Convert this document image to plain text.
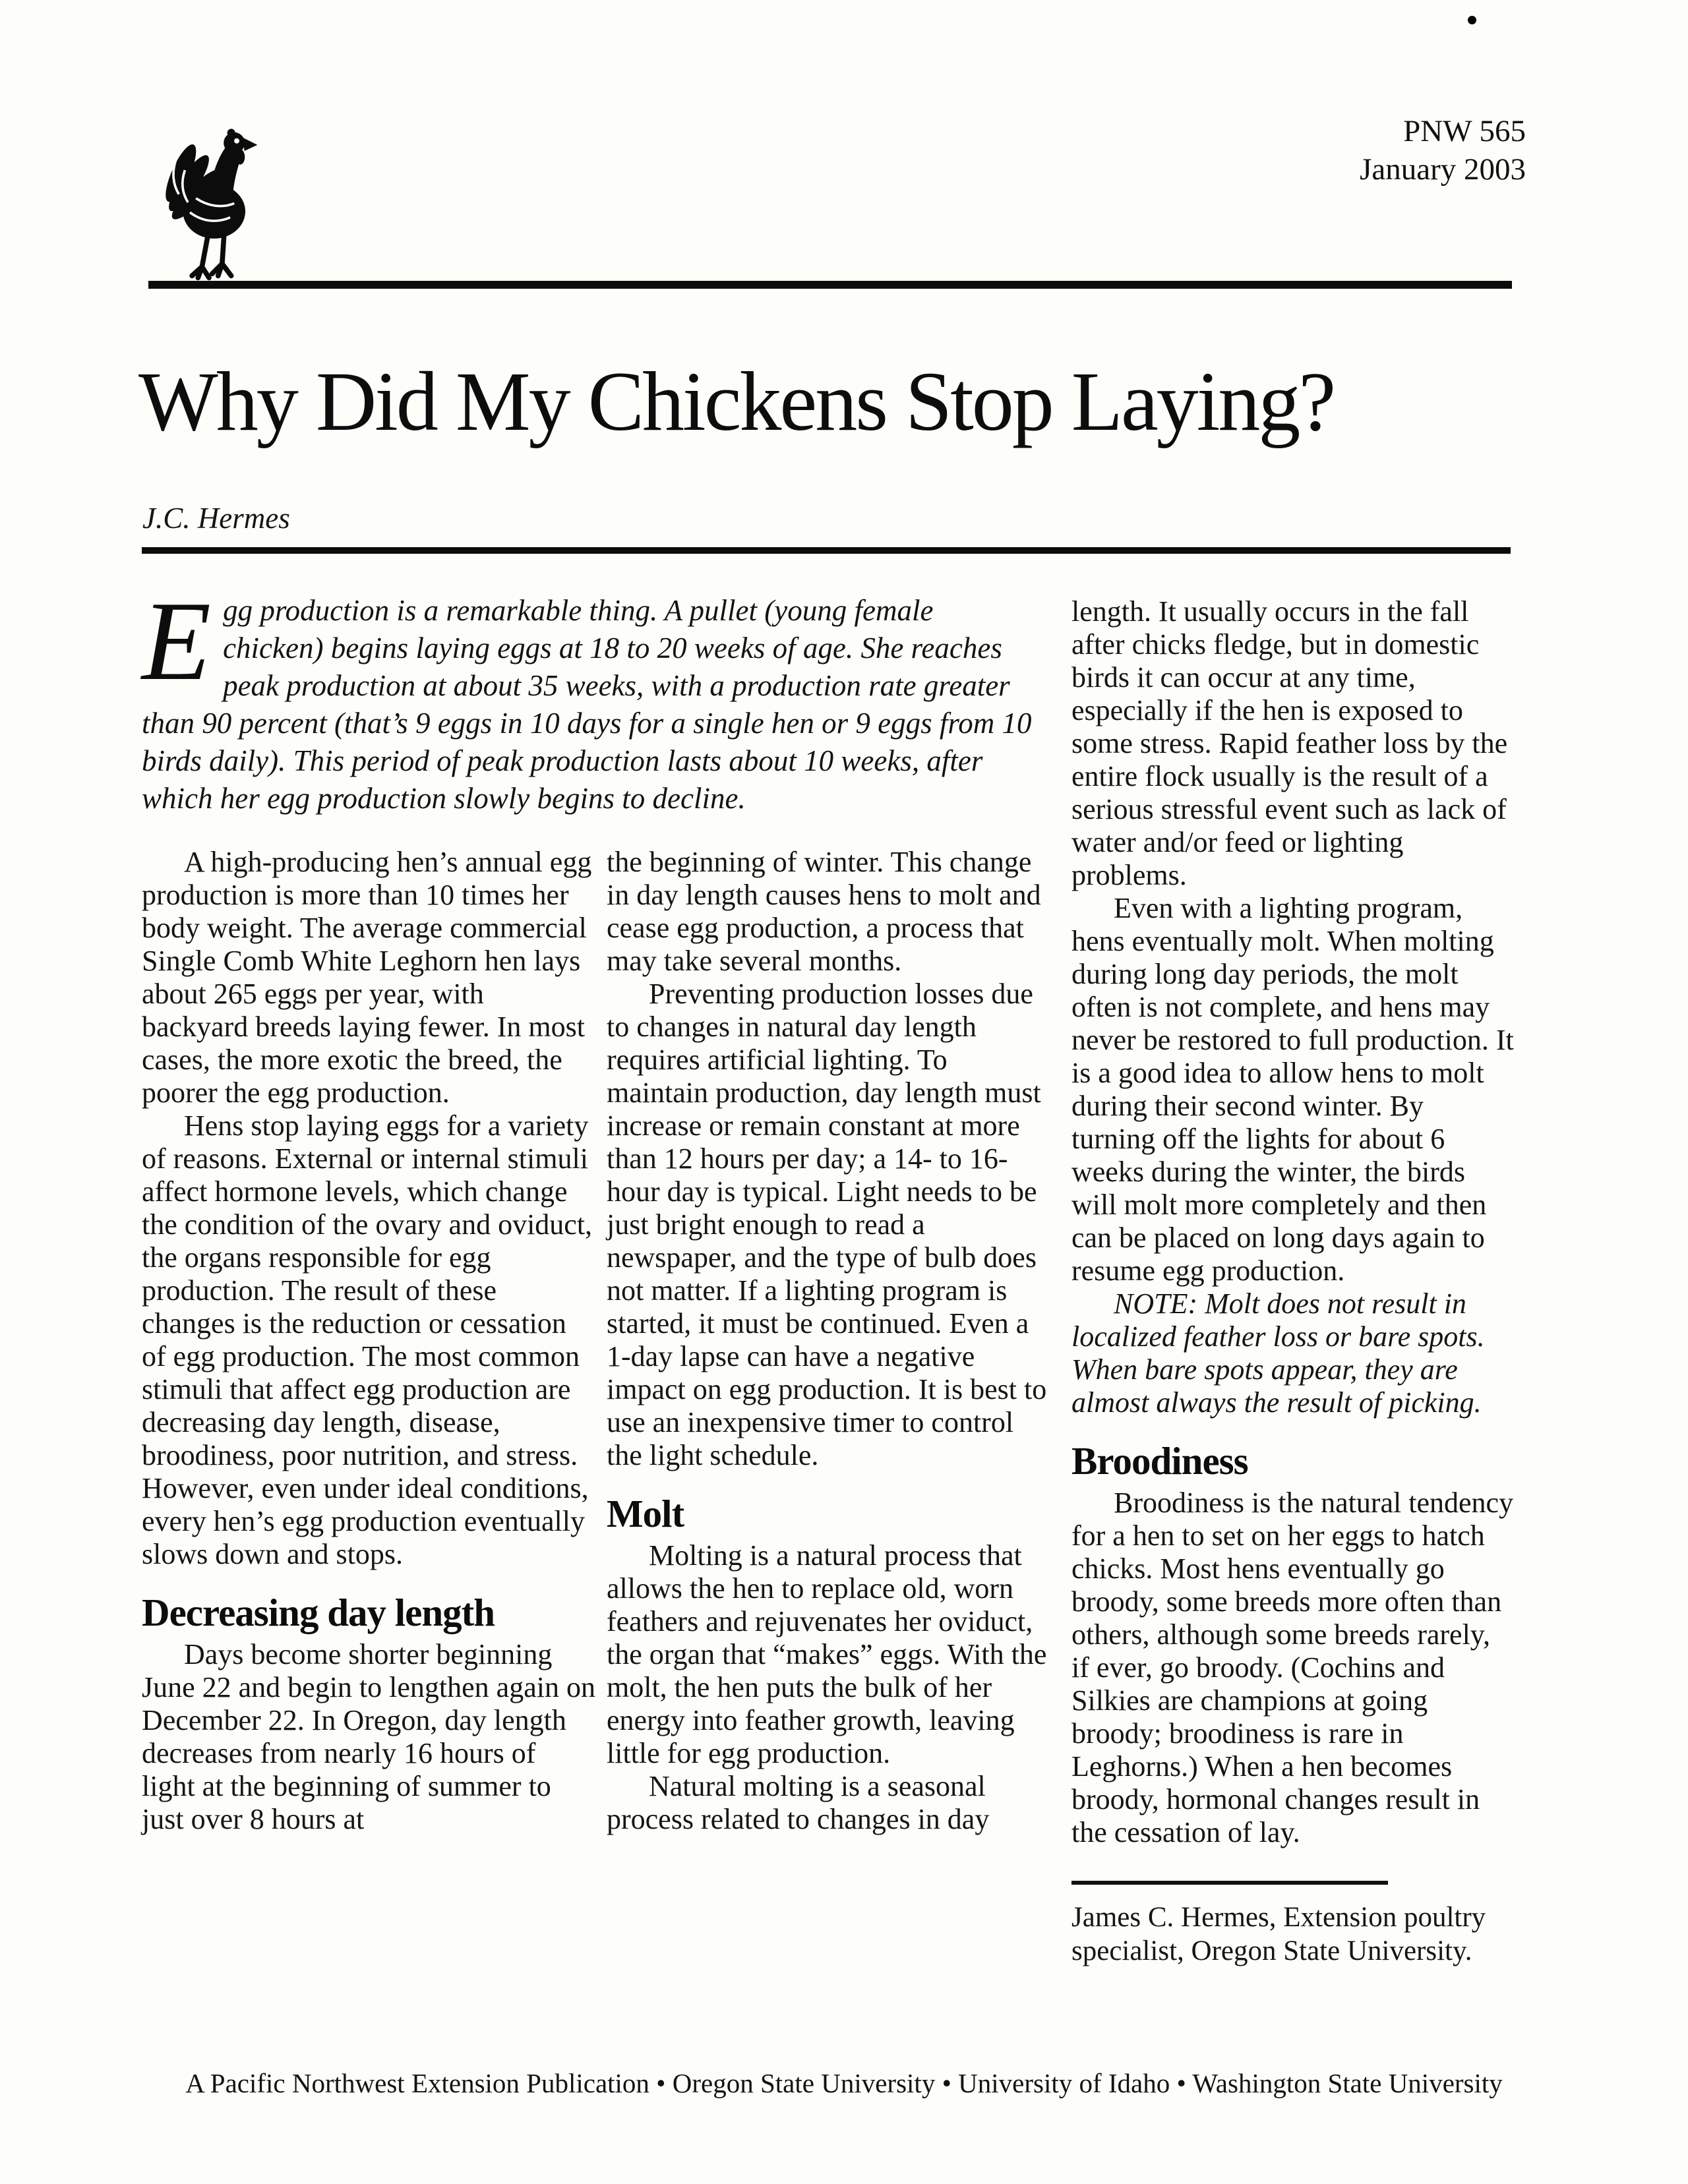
PNW 565
January 2003
Why Did My Chickens Stop Laying?
J.C. Hermes
Egg production is a remarkable thing. A pullet (young female chicken) begins laying eggs at 18 to 20 weeks of age. She reaches peak production at about 35 weeks, with a production rate greater than 90 percent (that’s 9 eggs in 10 days for a single hen or 9 eggs from 10 birds daily). This period of peak production lasts about 10 weeks, after which her egg production slowly begins to decline.

A high-producing hen’s annual egg production is more than 10 times her body weight. The average commercial Single Comb White Leghorn hen lays about 265 eggs per year, with backyard breeds laying fewer. In most cases, the more exotic the breed, the poorer the egg production.

Hens stop laying eggs for a variety of reasons. External or internal stimuli affect hormone levels, which change the condition of the ovary and oviduct, the organs responsible for egg production. The result of these changes is the reduction or cessation of egg production. The most common stimuli that affect egg production are decreasing day length, disease, broodiness, poor nutrition, and stress. However, even under ideal conditions, every hen’s egg production eventually slows down and stops.

Decreasing day length

Days become shorter beginning June 22 and begin to lengthen again on December 22. In Oregon, day length decreases from nearly 16 hours of light at the beginning of summer to just over 8 hours at

the beginning of winter. This change in day length causes hens to molt and cease egg production, a process that may take several months.

Preventing production losses due to changes in natural day length requires artificial lighting. To maintain production, day length must increase or remain constant at more than 12 hours per day; a 14- to 16-hour day is typical. Light needs to be just bright enough to read a newspaper, and the type of bulb does not matter. If a lighting program is started, it must be continued. Even a 1-day lapse can have a negative impact on egg production. It is best to use an inexpensive timer to control the light schedule.

Molt

Molting is a natural process that allows the hen to replace old, worn feathers and rejuvenates her oviduct, the organ that “makes” eggs. With the molt, the hen puts the bulk of her energy into feather growth, leaving little for egg production.

Natural molting is a seasonal process related to changes in day

length. It usually occurs in the fall after chicks fledge, but in domestic birds it can occur at any time, especially if the hen is exposed to some stress. Rapid feather loss by the entire flock usually is the result of a serious stressful event such as lack of water and/or feed or lighting problems.

Even with a lighting program, hens eventually molt. When molting during long day periods, the molt often is not complete, and hens may never be restored to full production. It is a good idea to allow hens to molt during their second winter. By turning off the lights for about 6 weeks during the winter, the birds will molt more completely and then can be placed on long days again to resume egg production.

NOTE: Molt does not result in localized feather loss or bare spots. When bare spots appear, they are almost always the result of picking.

Broodiness

Broodiness is the natural tendency for a hen to set on her eggs to hatch chicks. Most hens eventually go broody, some breeds more often than others, although some breeds rarely, if ever, go broody. (Cochins and Silkies are champions at going broody; broodiness is rare in Leghorns.) When a hen becomes broody, hormonal changes result in the cessation of lay.

James C. Hermes, Extension poultry specialist, Oregon State University.

A Pacific Northwest Extension Publication • Oregon State University • University of Idaho • Washington State University
